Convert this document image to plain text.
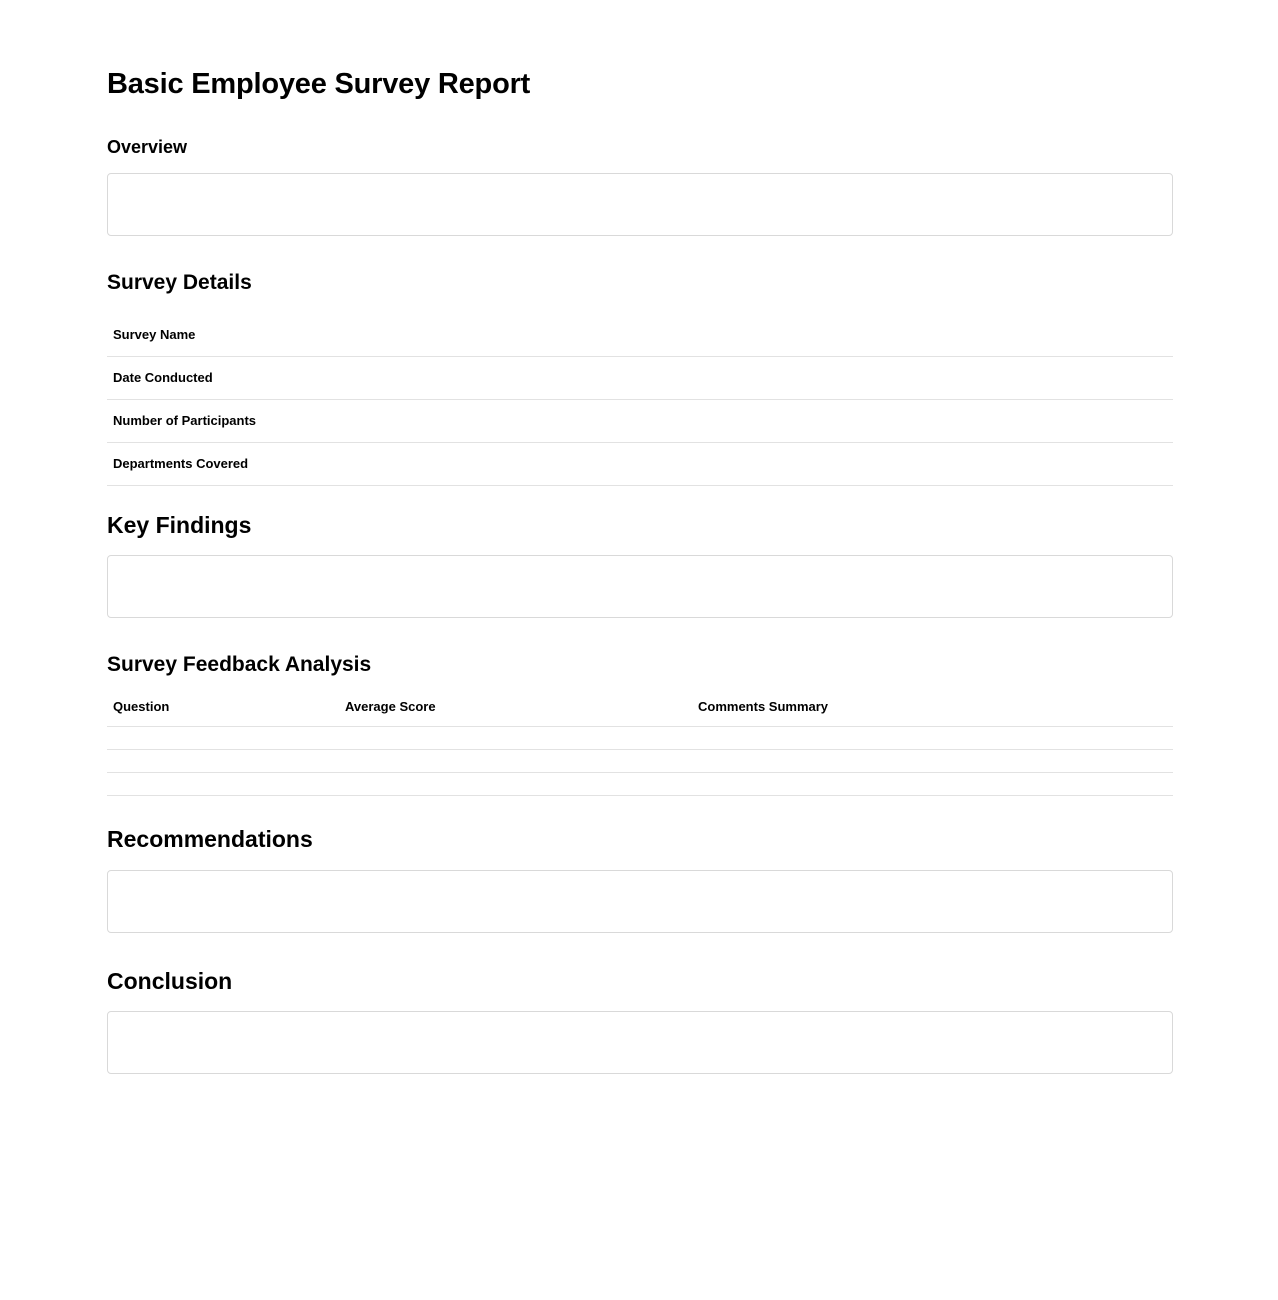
Basic Employee Survey Report
Overview
Survey Details
Survey Name
Date Conducted
Number of Participants
Departments Covered
Key Findings
Survey Feedback Analysis
Question	Average Score	Comments Summary

Recommendations
Conclusion
